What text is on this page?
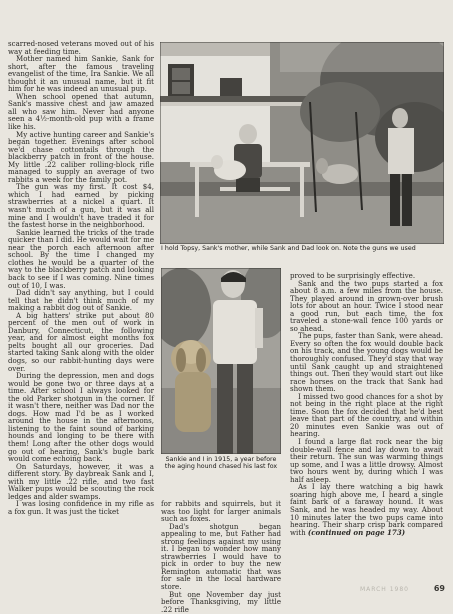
scarred-nosed veterans moved out of his way at feeding time.

Mother named him Sankie, Sank for short, after the famous traveling evangelist of the time, Ira Sankie. We all thought it an unusual name, but it fit him for he was indeed an unusual pup.

When school opened that autumn, Sank's massive chest and jaw amazed all who saw him. Never had anyone seen a 4½-month-old pup with a frame like his.

My active hunting career and Sankie's began together. Evenings after school we'd chase cottontails through the blackberry patch in front of the house. My little .22 caliber rolling-block rifle managed to supply an average of two rabbits a week for the family pot.

The gun was my first. It cost $4, which I had earned by picking strawberries at a nickel a quart. It wasn't much of a gun, but it was all mine and I wouldn't have traded it for the fastest horse in the neighborhood.

Sankie learned the tricks of the trade quicker than I did. He would wait for me near the porch each afternoon after school. By the time I changed my clothes he would be a quarter of the way to the blackberry patch and looking back to see if I was coming. Nine times out of 10, I was.

Dad didn't say anything, but I could tell that he didn't think much of my making a rabbit dog out of Sankie.

A big hatters' strike put about 80 percent of the men out of work in Danbury, Connecticut, the following year, and for almost eight months fox pelts bought all our groceries. Dad started taking Sank along with the older dogs, so our rabbit-hunting days were over.

During the depression, men and dogs would be gone two or three days at a time. After school I always looked for the old Parker shotgun in the corner. If it wasn't there, neither was Dad nor the dogs. How mad I'd be as I worked around the house in the afternoons, listening to the faint sound of barking hounds and longing to be there with them! Long after the other dogs would go out of hearing, Sank's bugle bark would come echoing back.

On Saturdays, however, it was a different story. By daybreak Sank and I, with my little .22 rifle, and two fast Walker pups would be scouting the rock ledges and alder swamps.

I was losing confidence in my rifle as a fox gun. It was just the ticket

I hold Topsy, Sank's mother, while Sank and Dad look on. Note the guns we used
Sankie and I in 1915, a year before the aging hound chased his last fox

for rabbits and squirrels, but it was too light for larger animals such as foxes.

Dad's shotgun began appealing to me, but Father had strong feelings against my using it. I began to wonder how many strawberries I would have to pick in order to buy the new Remington automatic that was for sale in the local hardware store.

But one November day just before Thanksgiving, my little .22 rifle

proved to be surprisingly effective.

Sank and the two pups started a fox about 8 a.m. a few miles from the house. They played around in grown-over brush lots for about an hour. Twice I stood near a good run, but each time, the fox traveled a stone-wall fence 100 yards or so ahead.

The pups, faster than Sank, were ahead. Every so often the fox would double back on his track, and the young dogs would be thoroughly confused. They'd stay that way until Sank caught up and straightened things out. Then they would start out like race horses on the track that Sank had shown them.

I missed two good chances for a shot by not being in the right place at the right time. Soon the fox decided that he'd best leave that part of the country, and within 20 minutes even Sankie was out of hearing.

I found a large flat rock near the big double-wall fence and lay down to await their return. The sun was warming things up some, and I was a little drowsy. Almost two hours went by, during which I was half asleep.

As I lay there watching a big hawk soaring high above me, I heard a single faint bark of a faraway hound. It was Sank, and he was headed my way. About 10 minutes later the two pups came into hearing. Their sharp crisp bark compared with (continued on page 173)

MARCH 1980	69
